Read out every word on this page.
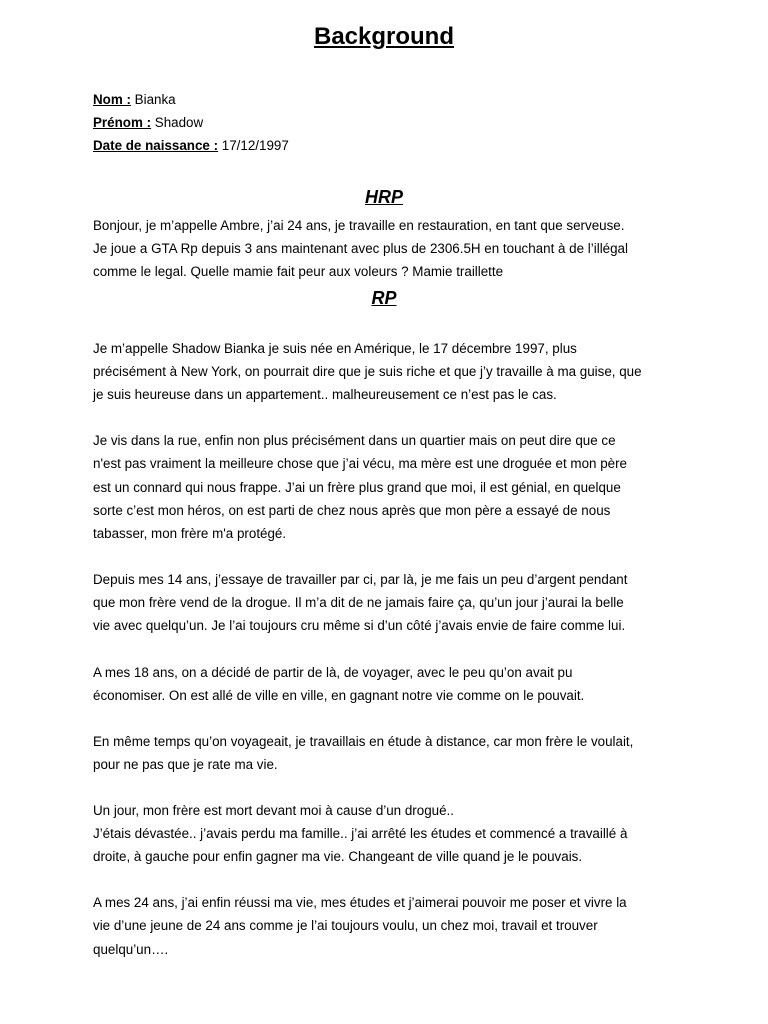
Background
Nom : Bianka
Prénom : Shadow
Date de naissance : 17/12/1997
HRP
Bonjour, je m’appelle Ambre, j’ai 24 ans, je travaille en restauration, en tant que serveuse.
Je joue a GTA Rp depuis 3 ans maintenant avec plus de 2306.5H en touchant à de l’illégal
comme le legal. Quelle mamie fait peur aux voleurs ? Mamie traillette
RP
Je m’appelle Shadow Bianka je suis née en Amérique, le 17 décembre 1997, plus
précisément à New York, on pourrait dire que je suis riche et que j’y travaille à ma guise, que
je suis heureuse dans un appartement.. malheureusement ce n’est pas le cas.
Je vis dans la rue, enfin non plus précisément dans un quartier mais on peut dire que ce
n'est pas vraiment la meilleure chose que j’ai vécu, ma mère est une droguée et mon père
est un connard qui nous frappe. J’ai un frère plus grand que moi, il est génial, en quelque
sorte c’est mon héros, on est parti de chez nous après que mon père a essayé de nous
tabasser, mon frère m'a protégé.
Depuis mes 14 ans, j’essaye de travailler par ci, par là, je me fais un peu d’argent pendant
que mon frère vend de la drogue. Il m’a dit de ne jamais faire ça, qu’un jour j’aurai la belle
vie avec quelqu’un. Je l’ai toujours cru même si d’un côté j’avais envie de faire comme lui.
A mes 18 ans, on a décidé de partir de là, de voyager, avec le peu qu’on avait pu
économiser. On est allé de ville en ville, en gagnant notre vie comme on le pouvait.
En même temps qu’on voyageait, je travaillais en étude à distance, car mon frère le voulait,
pour ne pas que je rate ma vie.
Un jour, mon frère est mort devant moi à cause d’un drogué..
J’étais dévastée.. j’avais perdu ma famille.. j’ai arrêté les études et commencé a travaillé à
droite, à gauche pour enfin gagner ma vie. Changeant de ville quand je le pouvais.
A mes 24 ans, j’ai enfin réussi ma vie, mes études et j’aimerai pouvoir me poser et vivre la
vie d’une jeune de 24 ans comme je l’ai toujours voulu, un chez moi, travail et trouver
quelqu’un….
